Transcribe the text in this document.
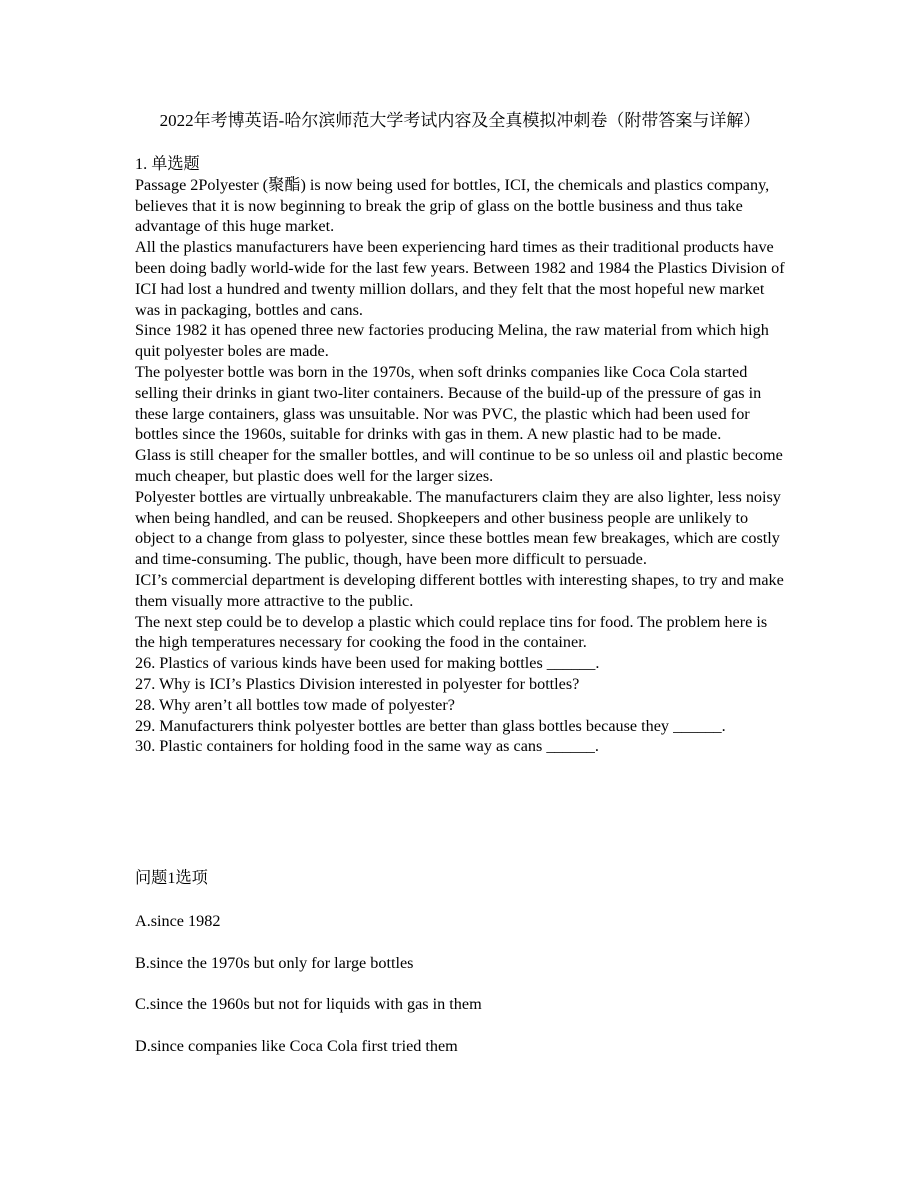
2022年考博英语-哈尔滨师范大学考试内容及全真模拟冲刺卷（附带答案与详解）

1. 单选题

Passage 2Polyester (聚酯) is now being used for bottles, ICI, the chemicals and plastics company, believes that it is now beginning to break the grip of glass on the bottle business and thus take advantage of this huge market.

All the plastics manufacturers have been experiencing hard times as their traditional products have been doing badly world-wide for the last few years. Between 1982 and 1984 the Plastics Division of ICI had lost a hundred and twenty million dollars, and they felt that the most hopeful new market was in packaging, bottles and cans.

Since 1982 it has opened three new factories producing Melina, the raw material from which high quit polyester boles are made.

The polyester bottle was born in the 1970s, when soft drinks companies like Coca Cola started selling their drinks in giant two-liter containers. Because of the build-up of the pressure of gas in these large containers, glass was unsuitable. Nor was PVC, the plastic which had been used for bottles since the 1960s, suitable for drinks with gas in them. A new plastic had to be made.

Glass is still cheaper for the smaller bottles, and will continue to be so unless oil and plastic become much cheaper, but plastic does well for the larger sizes.

Polyester bottles are virtually unbreakable. The manufacturers claim they are also lighter, less noisy when being handled, and can be reused. Shopkeepers and other business people are unlikely to object to a change from glass to polyester, since these bottles mean few breakages, which are costly and time-consuming. The public, though, have been more difficult to persuade.

ICI’s commercial department is developing different bottles with interesting shapes, to try and make them visually more attractive to the public.

The next step could be to develop a plastic which could replace tins for food. The problem here is the high temperatures necessary for cooking the food in the container.

26. Plastics of various kinds have been used for making bottles ______.

27. Why is ICI’s Plastics Division interested in polyester for bottles?

28. Why aren’t all bottles tow made of polyester?

29. Manufacturers think polyester bottles are better than glass bottles because they ______.

30. Plastic containers for holding food in the same way as cans ______.

问题1选项
A.since 1982
B.since the 1970s but only for large bottles
C.since the 1960s but not for liquids with gas in them
D.since companies like Coca Cola first tried them
